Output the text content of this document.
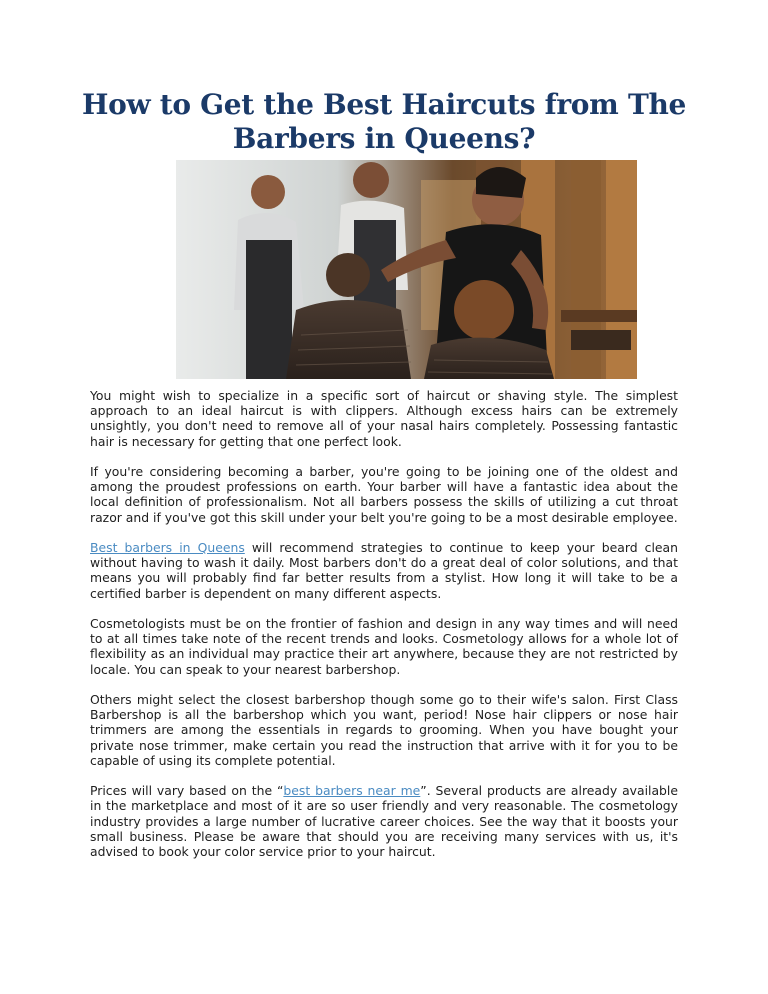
How to Get the Best Haircuts from The Barbers in Queens?

You might wish to specialize in a specific sort of haircut or shaving style. The simplest approach to an ideal haircut is with clippers. Although excess hairs can be extremely unsightly, you don't need to remove all of your nasal hairs completely. Possessing fantastic hair is necessary for getting that one perfect look.

If you're considering becoming a barber, you're going to be joining one of the oldest and among the proudest professions on earth. Your barber will have a fantastic idea about the local definition of professionalism. Not all barbers possess the skills of utilizing a cut throat razor and if you've got this skill under your belt you're going to be a most desirable employee.

Best barbers in Queens will recommend strategies to continue to keep your beard clean without having to wash it daily. Most barbers don't do a great deal of color solutions, and that means you will probably find far better results from a stylist. How long it will take to be a certified barber is dependent on many different aspects.

Cosmetologists must be on the frontier of fashion and design in any way times and will need to at all times take note of the recent trends and looks. Cosmetology allows for a whole lot of flexibility as an individual may practice their art anywhere, because they are not restricted by locale. You can speak to your nearest barbershop.

Others might select the closest barbershop though some go to their wife's salon. First Class Barbershop is all the barbershop which you want, period! Nose hair clippers or nose hair trimmers are among the essentials in regards to grooming. When you have bought your private nose trimmer, make certain you read the instruction that arrive with it for you to be capable of using its complete potential.

Prices will vary based on the “best barbers near me”. Several products are already available in the marketplace and most of it are so user friendly and very reasonable. The cosmetology industry provides a large number of lucrative career choices. See the way that it boosts your small business. Please be aware that should you are receiving many services with us, it's advised to book your color service prior to your haircut.
